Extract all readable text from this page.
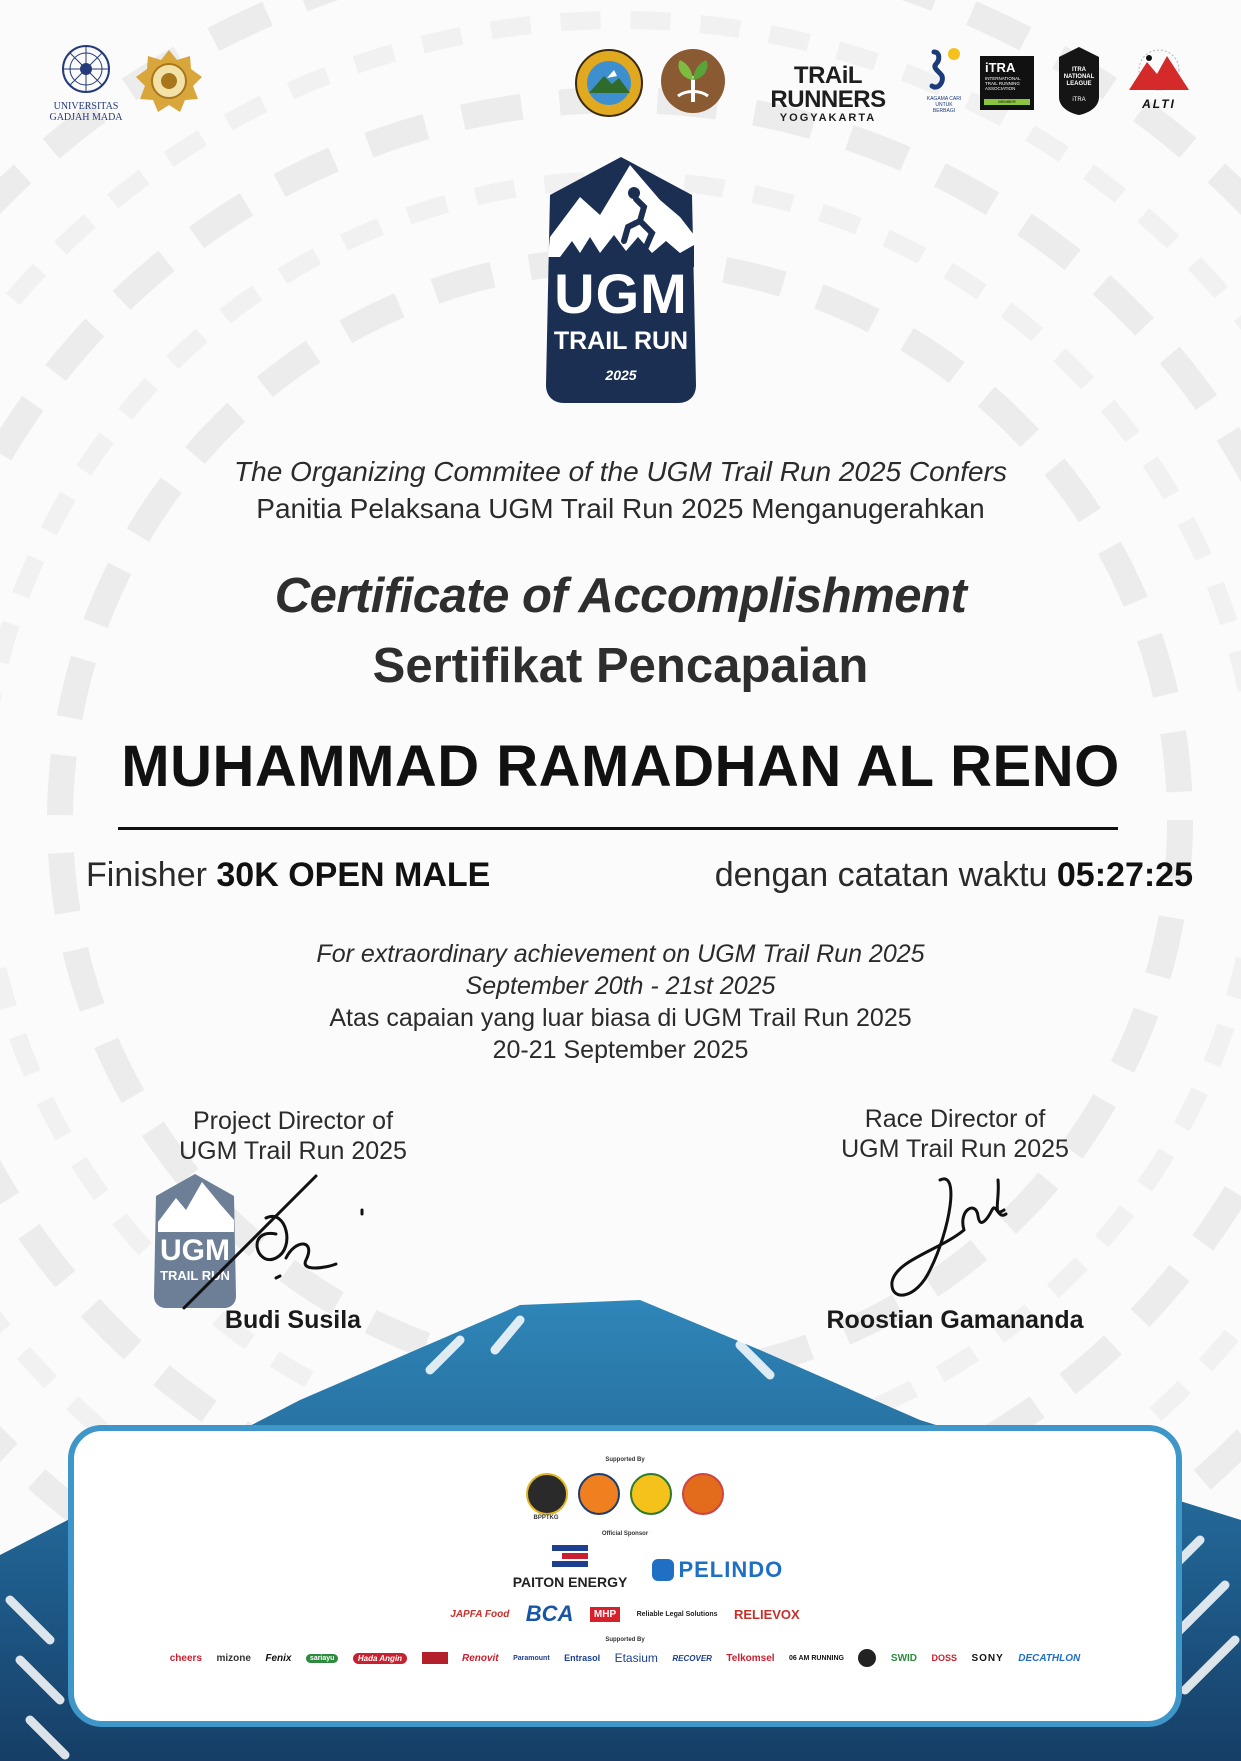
UNIVERSITAS GADJAH MADA
TRAiL RUNNERS
YOGYAKARTA
KAGAMA CARI UNTUK BERBAGI
iTRA
INTERNATIONAL TRAIL RUNNING ASSOCIATION
MEMBER
ITRA NATIONAL LEAGUE
iTRA	ALTI
UGM
TRAIL RUN
2025
The Organizing Commitee of the UGM Trail Run 2025 Confers
Panitia Pelaksana UGM Trail Run 2025 Menganugerahkan
Certificate of Accomplishment
Sertifikat Pencapaian
MUHAMMAD RAMADHAN AL RENO
Finisher 30K OPEN MALE	dengan catatan waktu 05:27:25
For extraordinary achievement on UGM Trail Run 2025
September 20th - 21st 2025
Atas capaian yang luar biasa di UGM Trail Run 2025
20-21 September 2025
Project Director of
UGM Trail Run 2025
UGM
TRAIL RUN
Budi Susila
Race Director of
UGM Trail Run 2025
Roostian Gamananda
Supported By
BPPTKG
Official Sponsor
PAITON ENERGY	PELINDO
JAPFA Food BCA MHP	Reliable Legal Solutions RELIEVOX
Supported By
cheers mizone Fenix	sariayu	Hada Angin	Renovit Paramount Entrasol Etasium RECOVER Telkomsel 06 AM RUNNING	SWID DOSS SONY DECATHLON
